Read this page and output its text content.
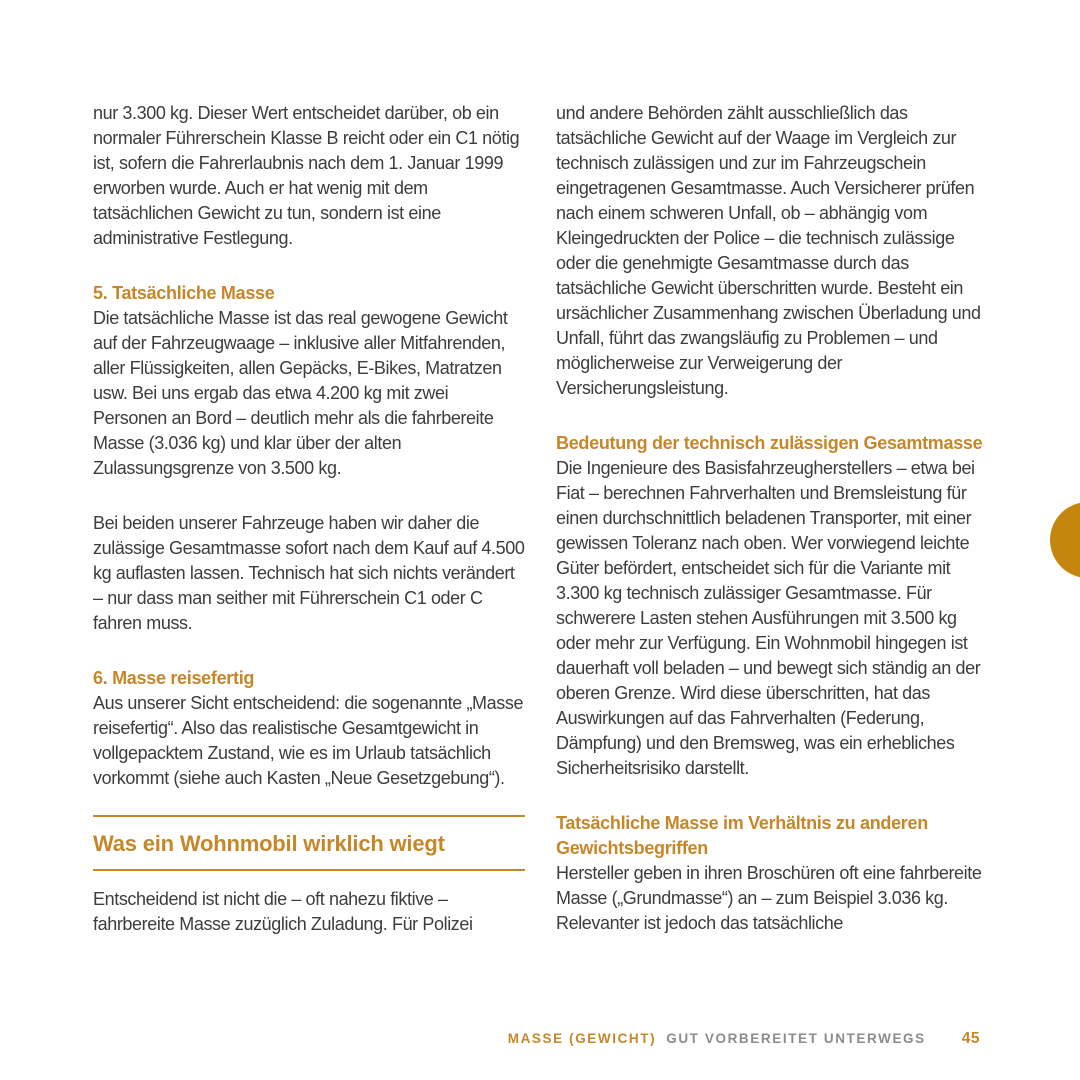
nur 3.300 kg. Dieser Wert entscheidet darüber, ob ein normaler Führerschein Klasse B reicht oder ein C1 nötig ist, sofern die Fahrerlaubnis nach dem 1. Januar 1999 erworben wurde. Auch er hat wenig mit dem tatsächlichen Gewicht zu tun, sondern ist eine administrative Festlegung.

5. Tatsächliche Masse

Die tatsächliche Masse ist das real gewogene Gewicht auf der Fahrzeugwaage – inklusive aller Mitfahrenden, aller Flüssigkeiten, allen Gepäcks, E-Bikes, Matratzen usw. Bei uns ergab das etwa 4.200 kg mit zwei Personen an Bord – deutlich mehr als die fahrbereite Masse (3.036 kg) und klar über der alten Zulassungsgrenze von 3.500 kg.

Bei beiden unserer Fahrzeuge haben wir daher die zulässige Gesamtmasse sofort nach dem Kauf auf 4.500 kg auflasten lassen. Technisch hat sich nichts verändert – nur dass man seither mit Führerschein C1 oder C fahren muss.

6. Masse reisefertig

Aus unserer Sicht entscheidend: die sogenannte „Masse reisefertig“. Also das realistische Gesamtgewicht in vollgepacktem Zustand, wie es im Urlaub tatsächlich vorkommt (siehe auch Kasten „Neue Gesetzgebung“).

Was ein Wohnmobil wirklich wiegt

Entscheidend ist nicht die – oft nahezu fiktive – fahrbereite Masse zuzüglich Zuladung. Für Polizei

und andere Behörden zählt ausschließlich das tatsächliche Gewicht auf der Waage im Vergleich zur technisch zulässigen und zur im Fahrzeugschein eingetragenen Gesamtmasse. Auch Versicherer prüfen nach einem schweren Unfall, ob – abhängig vom Kleingedruckten der Police – die technisch zulässige oder die genehmigte Gesamtmasse durch das tatsächliche Gewicht überschritten wurde. Besteht ein ursächlicher Zusammenhang zwischen Überladung und Unfall, führt das zwangsläufig zu Problemen – und möglicherweise zur Verweigerung der Versicherungsleistung.

Bedeutung der technisch zulässigen Gesamtmasse

Die Ingenieure des Basisfahrzeugherstellers – etwa bei Fiat – berechnen Fahrverhalten und Bremsleistung für einen durchschnittlich beladenen Transporter, mit einer gewissen Toleranz nach oben. Wer vorwiegend leichte Güter befördert, entscheidet sich für die Variante mit 3.300 kg technisch zulässiger Gesamtmasse. Für schwerere Lasten stehen Ausführungen mit 3.500 kg oder mehr zur Verfügung. Ein Wohnmobil hingegen ist dauerhaft voll beladen – und bewegt sich ständig an der oberen Grenze. Wird diese überschritten, hat das Auswirkungen auf das Fahrverhalten (Federung, Dämpfung) und den Bremsweg, was ein erhebliches Sicherheitsrisiko darstellt.

Tatsächliche Masse im Verhältnis zu anderen Gewichtsbegriffen

Hersteller geben in ihren Broschüren oft eine fahrbereite Masse („Grundmasse“) an – zum Beispiel 3.036 kg. Relevanter ist jedoch das tatsächliche

MASSE (GEWICHT) GUT VORBEREITET UNTERWEGS 45
